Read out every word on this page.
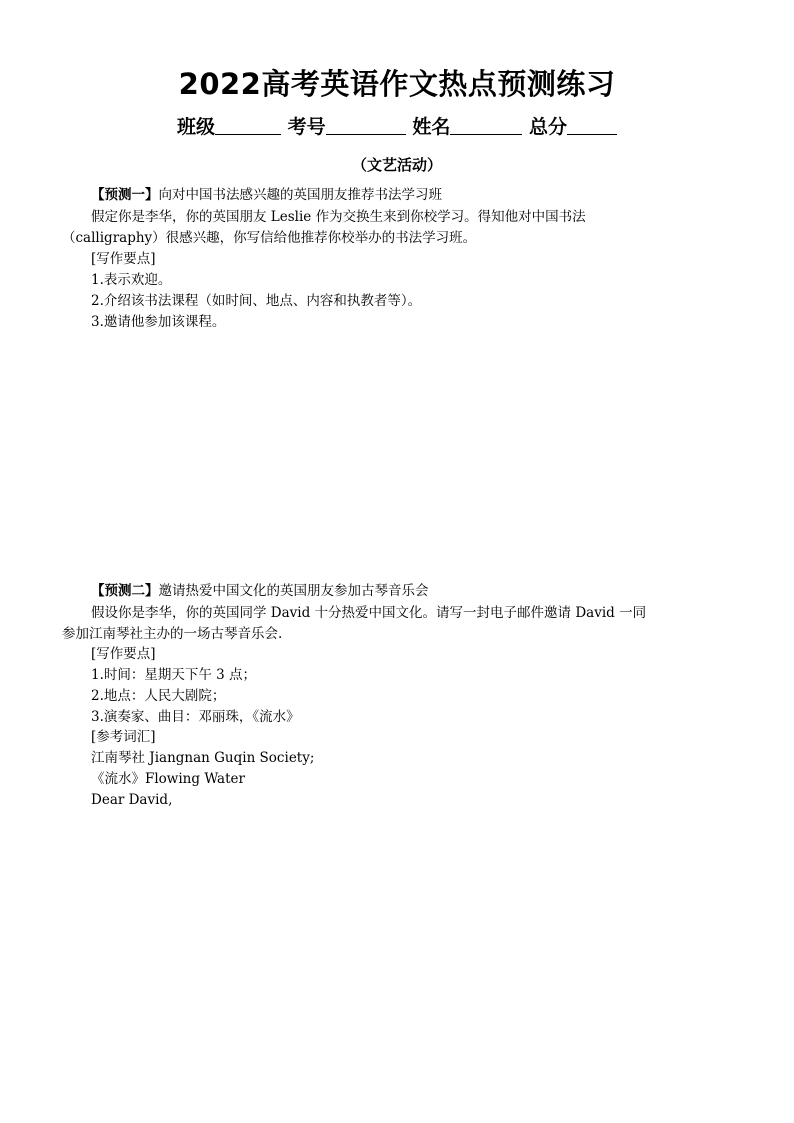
2022高考英语作文热点预测练习
班级	考号	姓名	总分
（文艺活动）
【预测一】向对中国书法感兴趣的英国朋友推荐书法学习班
假定你是李华，你的英国朋友 Leslie 作为交换生来到你校学习。得知他对中国书法
（calligraphy）很感兴趣，你写信给他推荐你校举办的书法学习班。
[写作要点]
1.表示欢迎。
2.介绍该书法课程（如时间、地点、内容和执教者等）。
3.邀请他参加该课程。
【预测二】邀请热爱中国文化的英国朋友参加古琴音乐会
假设你是李华，你的英国同学 David 十分热爱中国文化。请写一封电子邮件邀请 David 一同
参加江南琴社主办的一场古琴音乐会.
[写作要点]
1.时间：星期天下午 3 点；
2.地点：人民大剧院；
3.演奏家、曲目：邓丽珠，《流水》
[参考词汇]
江南琴社 Jiangnan Guqin Society;
《流水》Flowing Water
Dear David,
